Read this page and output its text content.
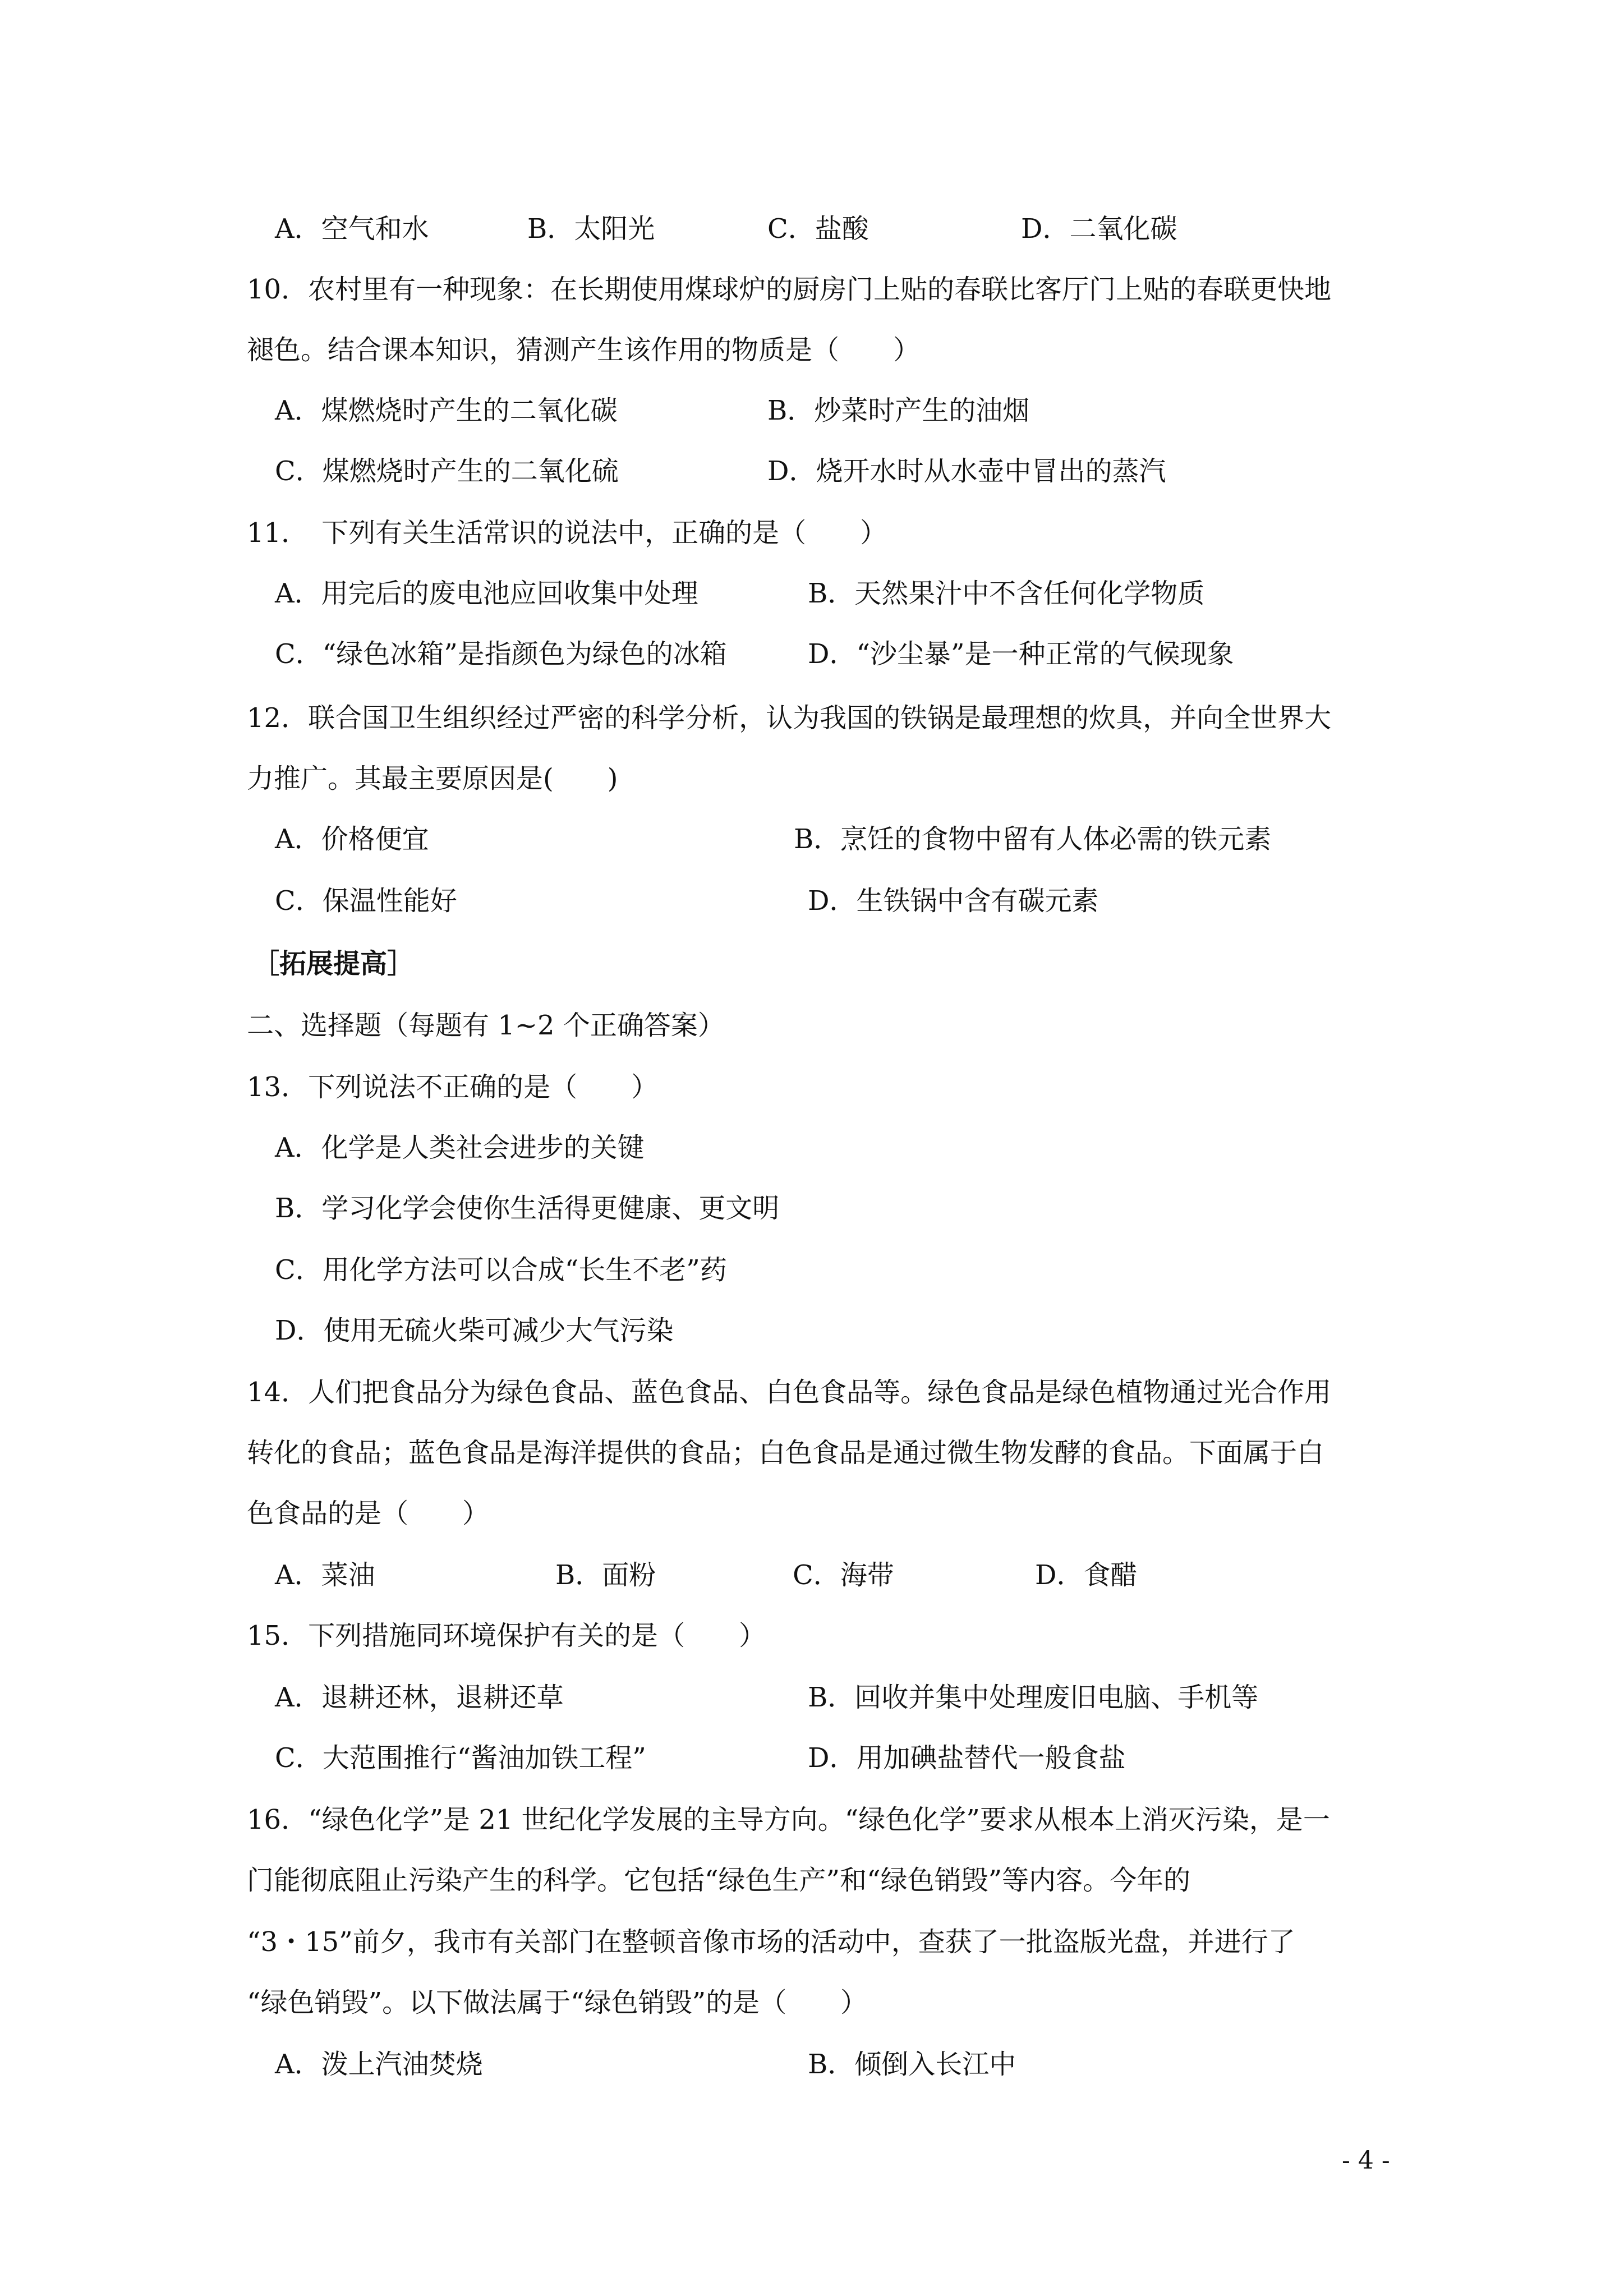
A．空气和水	B．太阳光	C．盐酸	D．二氧化碳
10．农村里有一种现象：在长期使用煤球炉的厨房门上贴的春联比客厅门上贴的春联更快地
褪色。结合课本知识，猜测产生该作用的物质是（　　）
A．煤燃烧时产生的二氧化碳	B．炒菜时产生的油烟
C．煤燃烧时产生的二氧化硫	D．烧开水时从水壶中冒出的蒸汽
11．　下列有关生活常识的说法中，正确的是（　　）
A．用完后的废电池应回收集中处理	B．天然果汁中不含任何化学物质
C．“绿色冰箱”是指颜色为绿色的冰箱	D．“沙尘暴”是一种正常的气候现象
12．联合国卫生组织经过严密的科学分析，认为我国的铁锅是最理想的炊具，并向全世界大
力推广。其最主要原因是(　　)
A．价格便宜	B．烹饪的食物中留有人体必需的铁元素
C．保温性能好	D．生铁锅中含有碳元素
［拓展提高］
二、选择题（每题有 1~2 个正确答案）
13．下列说法不正确的是（　　）
A．化学是人类社会进步的关键
B．学习化学会使你生活得更健康、更文明
C．用化学方法可以合成“长生不老”药
D．使用无硫火柴可减少大气污染
14．人们把食品分为绿色食品、蓝色食品、白色食品等。绿色食品是绿色植物通过光合作用
转化的食品；蓝色食品是海洋提供的食品；白色食品是通过微生物发酵的食品。下面属于白
色食品的是（　　）
A．菜油	B．面粉	C．海带	D．食醋
15．下列措施同环境保护有关的是（　　）
A．退耕还林，退耕还草	B．回收并集中处理废旧电脑、手机等
C．大范围推行“酱油加铁工程”	D．用加碘盐替代一般食盐
16．“绿色化学”是 21 世纪化学发展的主导方向。“绿色化学”要求从根本上消灭污染，是一
门能彻底阻止污染产生的科学。它包括“绿色生产”和“绿色销毁”等内容。今年的
“3・15”前夕，我市有关部门在整顿音像市场的活动中，查获了一批盗版光盘，并进行了
“绿色销毁”。以下做法属于“绿色销毁”的是（　　）
A．泼上汽油焚烧	B．倾倒入长江中
- 4 -
